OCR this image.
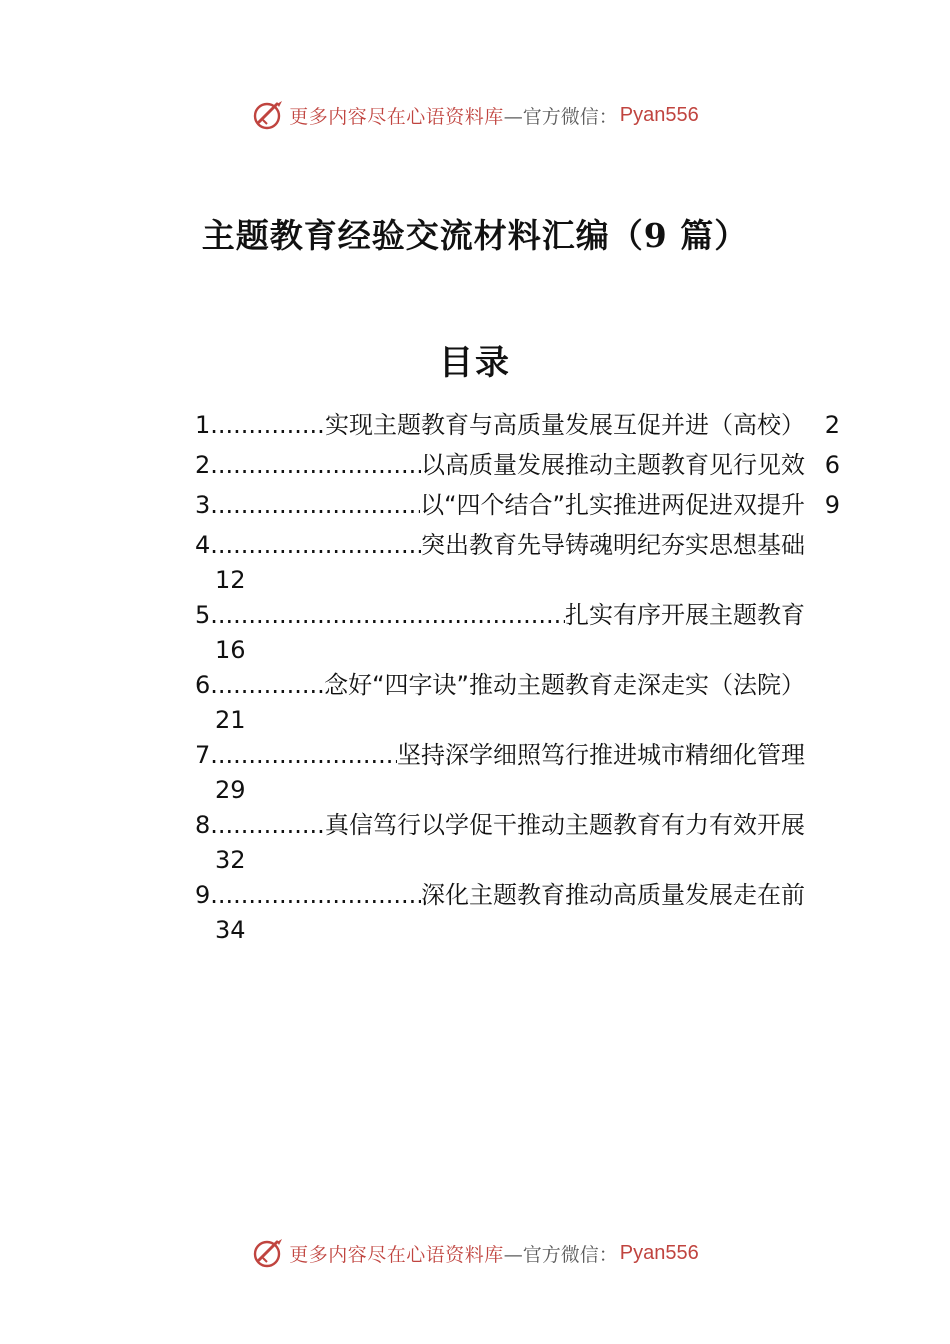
更多内容尽在心语资料库 —官方微信： Pyan556
主题教育经验交流材料汇编（9 篇）
目录
1 .....	实现主题教育与高质量发展互促并进（高校） 2
2 .....	以高质量发展推动主题教育见行见效 6
3 .....	以“四个结合”扎实推进两促进双提升 9
4 .....	突出教育先导铸魂明纪夯实思想基础
12
5 .....	扎实有序开展主题教育
16
6 .....	念好“四字诀”推动主题教育走深走实（法院）
21
7 .....	坚持深学细照笃行推进城市精细化管理
29
8 .....	真信笃行以学促干推动主题教育有力有效开展
32
9 .....	深化主题教育推动高质量发展走在前
34
更多内容尽在心语资料库 —官方微信： Pyan556
